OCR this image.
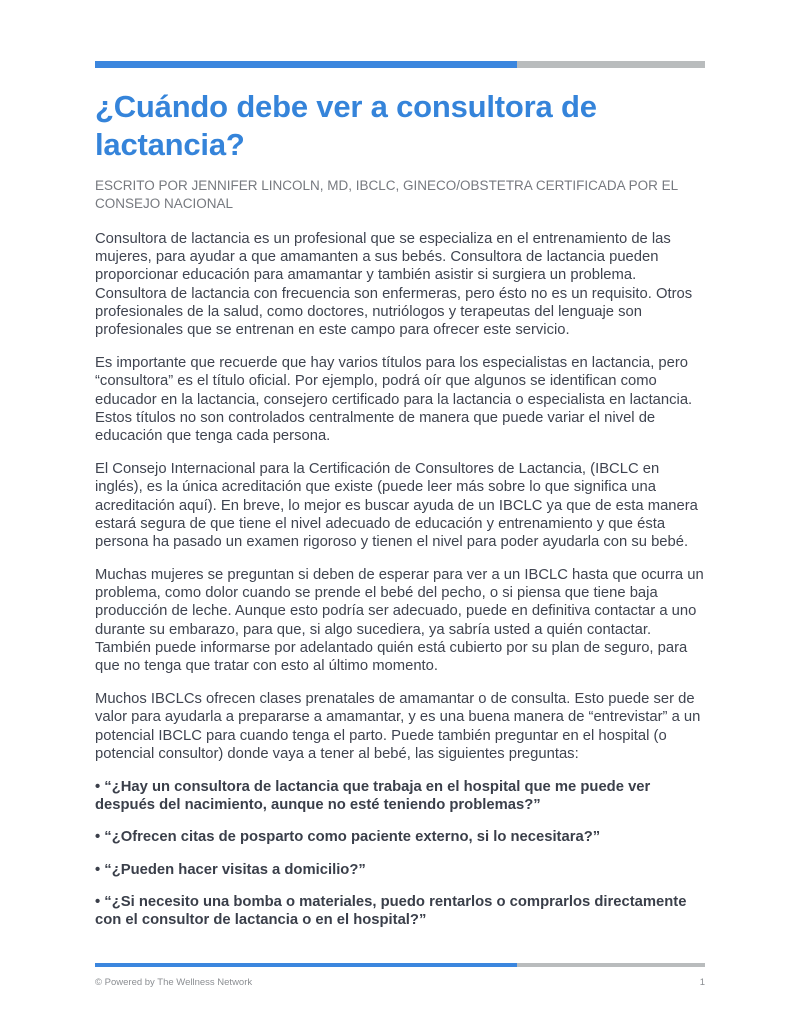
¿Cuándo debe ver a consultora de lactancia?

ESCRITO POR JENNIFER LINCOLN, MD, IBCLC, GINECO/OBSTETRA CERTIFICADA POR EL CONSEJO NACIONAL

Consultora de lactancia es un profesional que se especializa en el entrenamiento de las mujeres, para ayudar a que amamanten a sus bebés. Consultora de lactancia pueden proporcionar educación para amamantar y también asistir si surgiera un problema. Consultora de lactancia con frecuencia son enfermeras, pero ésto no es un requisito. Otros profesionales de la salud, como doctores, nutriólogos y terapeutas del lenguaje son profesionales que se entrenan en este campo para ofrecer este servicio.

Es importante que recuerde que hay varios títulos para los especialistas en lactancia, pero “consultora” es el título oficial. Por ejemplo, podrá oír que algunos se identifican como educador en la lactancia, consejero certificado para la lactancia o especialista en lactancia. Estos títulos no son controlados centralmente de manera que puede variar el nivel de educación que tenga cada persona.

El Consejo Internacional para la Certificación de Consultores de Lactancia, (IBCLC en inglés), es la única acreditación que existe (puede leer más sobre lo que significa una acreditación aquí). En breve, lo mejor es buscar ayuda de un IBCLC ya que de esta manera estará segura de que tiene el nivel adecuado de educación y entrenamiento y que ésta persona ha pasado un examen rigoroso y tienen el nivel para poder ayudarla con su bebé.

Muchas mujeres se preguntan si deben de esperar para ver a un IBCLC hasta que ocurra un problema, como dolor cuando se prende el bebé del pecho, o si piensa que tiene baja producción de leche. Aunque esto podría ser adecuado, puede en definitiva contactar a uno durante su embarazo, para que, si algo sucediera, ya sabría usted a quién contactar. También puede informarse por adelantado quién está cubierto por su plan de seguro, para que no tenga que tratar con esto al último momento.

Muchos IBCLCs ofrecen clases prenatales de amamantar o de consulta. Esto puede ser de valor para ayudarla a prepararse a amamantar, y es una buena manera de “entrevistar” a un potencial IBCLC para cuando tenga el parto. Puede también preguntar en el hospital (o potencial consultor) donde vaya a tener al bebé, las siguientes preguntas:

• “¿Hay un consultora de lactancia que trabaja en el hospital que me puede ver después del nacimiento, aunque no esté teniendo problemas?”

• “¿Ofrecen citas de posparto como paciente externo, si lo necesitara?”

• “¿Pueden hacer visitas a domicilio?”

• “¿Si necesito una bomba o materiales, puedo rentarlos o comprarlos directamente con el consultor de lactancia o en el hospital?”

© Powered by The Wellness Network	1
